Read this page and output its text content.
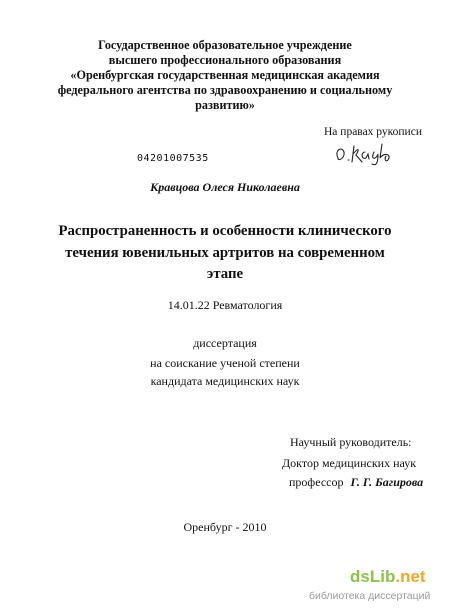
Государственное образовательное учреждение
высшего профессионального образования
«Оренбургская государственная медицинская академия
федерального агентства по здравоохранению и социальному
развитию»
На правах рукописи
04201007535
Кравцова Олеся Николаевна
Распространенность и особенности клинического
течения ювенильных артритов на современном
этапе
14.01.22 Ревматология
диссертация
на соискание ученой степени
кандидата медицинских наук
Научный руководитель:
Доктор медицинских наук
профессор Г. Г. Багирова
Оренбург - 2010
dsLib.net
библиотека диссертаций
